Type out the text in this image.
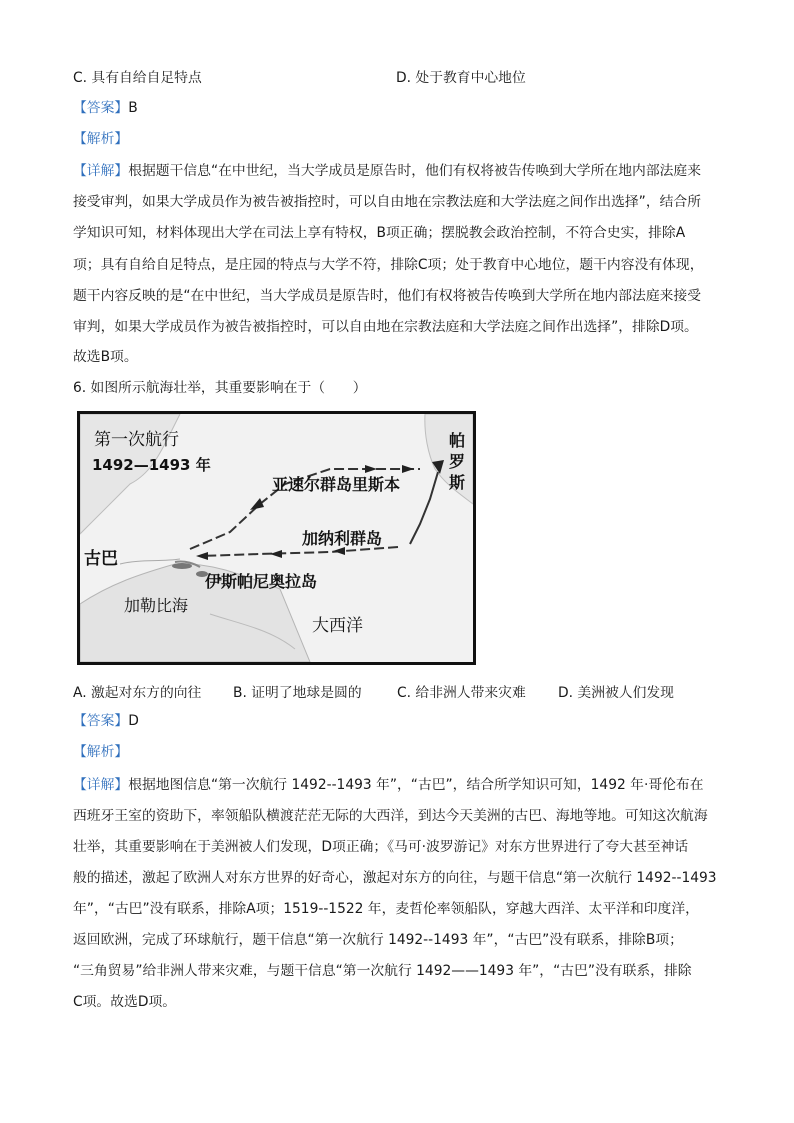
C. 具有自给自足特点	D. 处于教育中心地位
【答案】B
【解析】
【详解】根据题干信息“在中世纪，当大学成员是原告时，他们有权将被告传唤到大学所在地内部法庭来
接受审判，如果大学成员作为被告被指控时，可以自由地在宗教法庭和大学法庭之间作出选择”，结合所
学知识可知，材料体现出大学在司法上享有特权，B项正确；摆脱教会政治控制，不符合史实，排除A
项；具有自给自足特点，是庄园的特点与大学不符，排除C项；处于教育中心地位，题干内容没有体现，
题干内容反映的是“在中世纪，当大学成员是原告时，他们有权将被告传唤到大学所在地内部法庭来接受
审判，如果大学成员作为被告被指控时，可以自由地在宗教法庭和大学法庭之间作出选择”，排除D项。
故选B项。
6. 如图所示航海壮举，其重要影响在于（　　）
第一次航行
1492—1493 年
帕
罗
斯
亚速尔群岛里斯本
加纳利群岛
古巴
伊斯帕尼奥拉岛
加勒比海
大西洋
A. 激起对东方的向往 B. 证明了地球是圆的	C. 给非洲人带来灾难 D. 美洲被人们发现
【答案】D
【解析】
【详解】根据地图信息“第一次航行 1492--1493 年”，“古巴”，结合所学知识可知，1492 年·哥伦布在
西班牙王室的资助下，率领船队横渡茫茫无际的大西洋，到达今天美洲的古巴、海地等地。可知这次航海
壮举，其重要影响在于美洲被人们发现，D项正确；《马可·波罗游记》对东方世界进行了夸大甚至神话
般的描述，激起了欧洲人对东方世界的好奇心，激起对东方的向往，与题干信息“第一次航行 1492--1493
年”，“古巴”没有联系，排除A项；1519--1522 年，麦哲伦率领船队，穿越大西洋、太平洋和印度洋，
返回欧洲，完成了环球航行，题干信息“第一次航行 1492--1493 年”，“古巴”没有联系，排除B项；
“三角贸易”给非洲人带来灾难，与题干信息“第一次航行 1492——1493 年”，“古巴”没有联系，排除
C项。故选D项。
